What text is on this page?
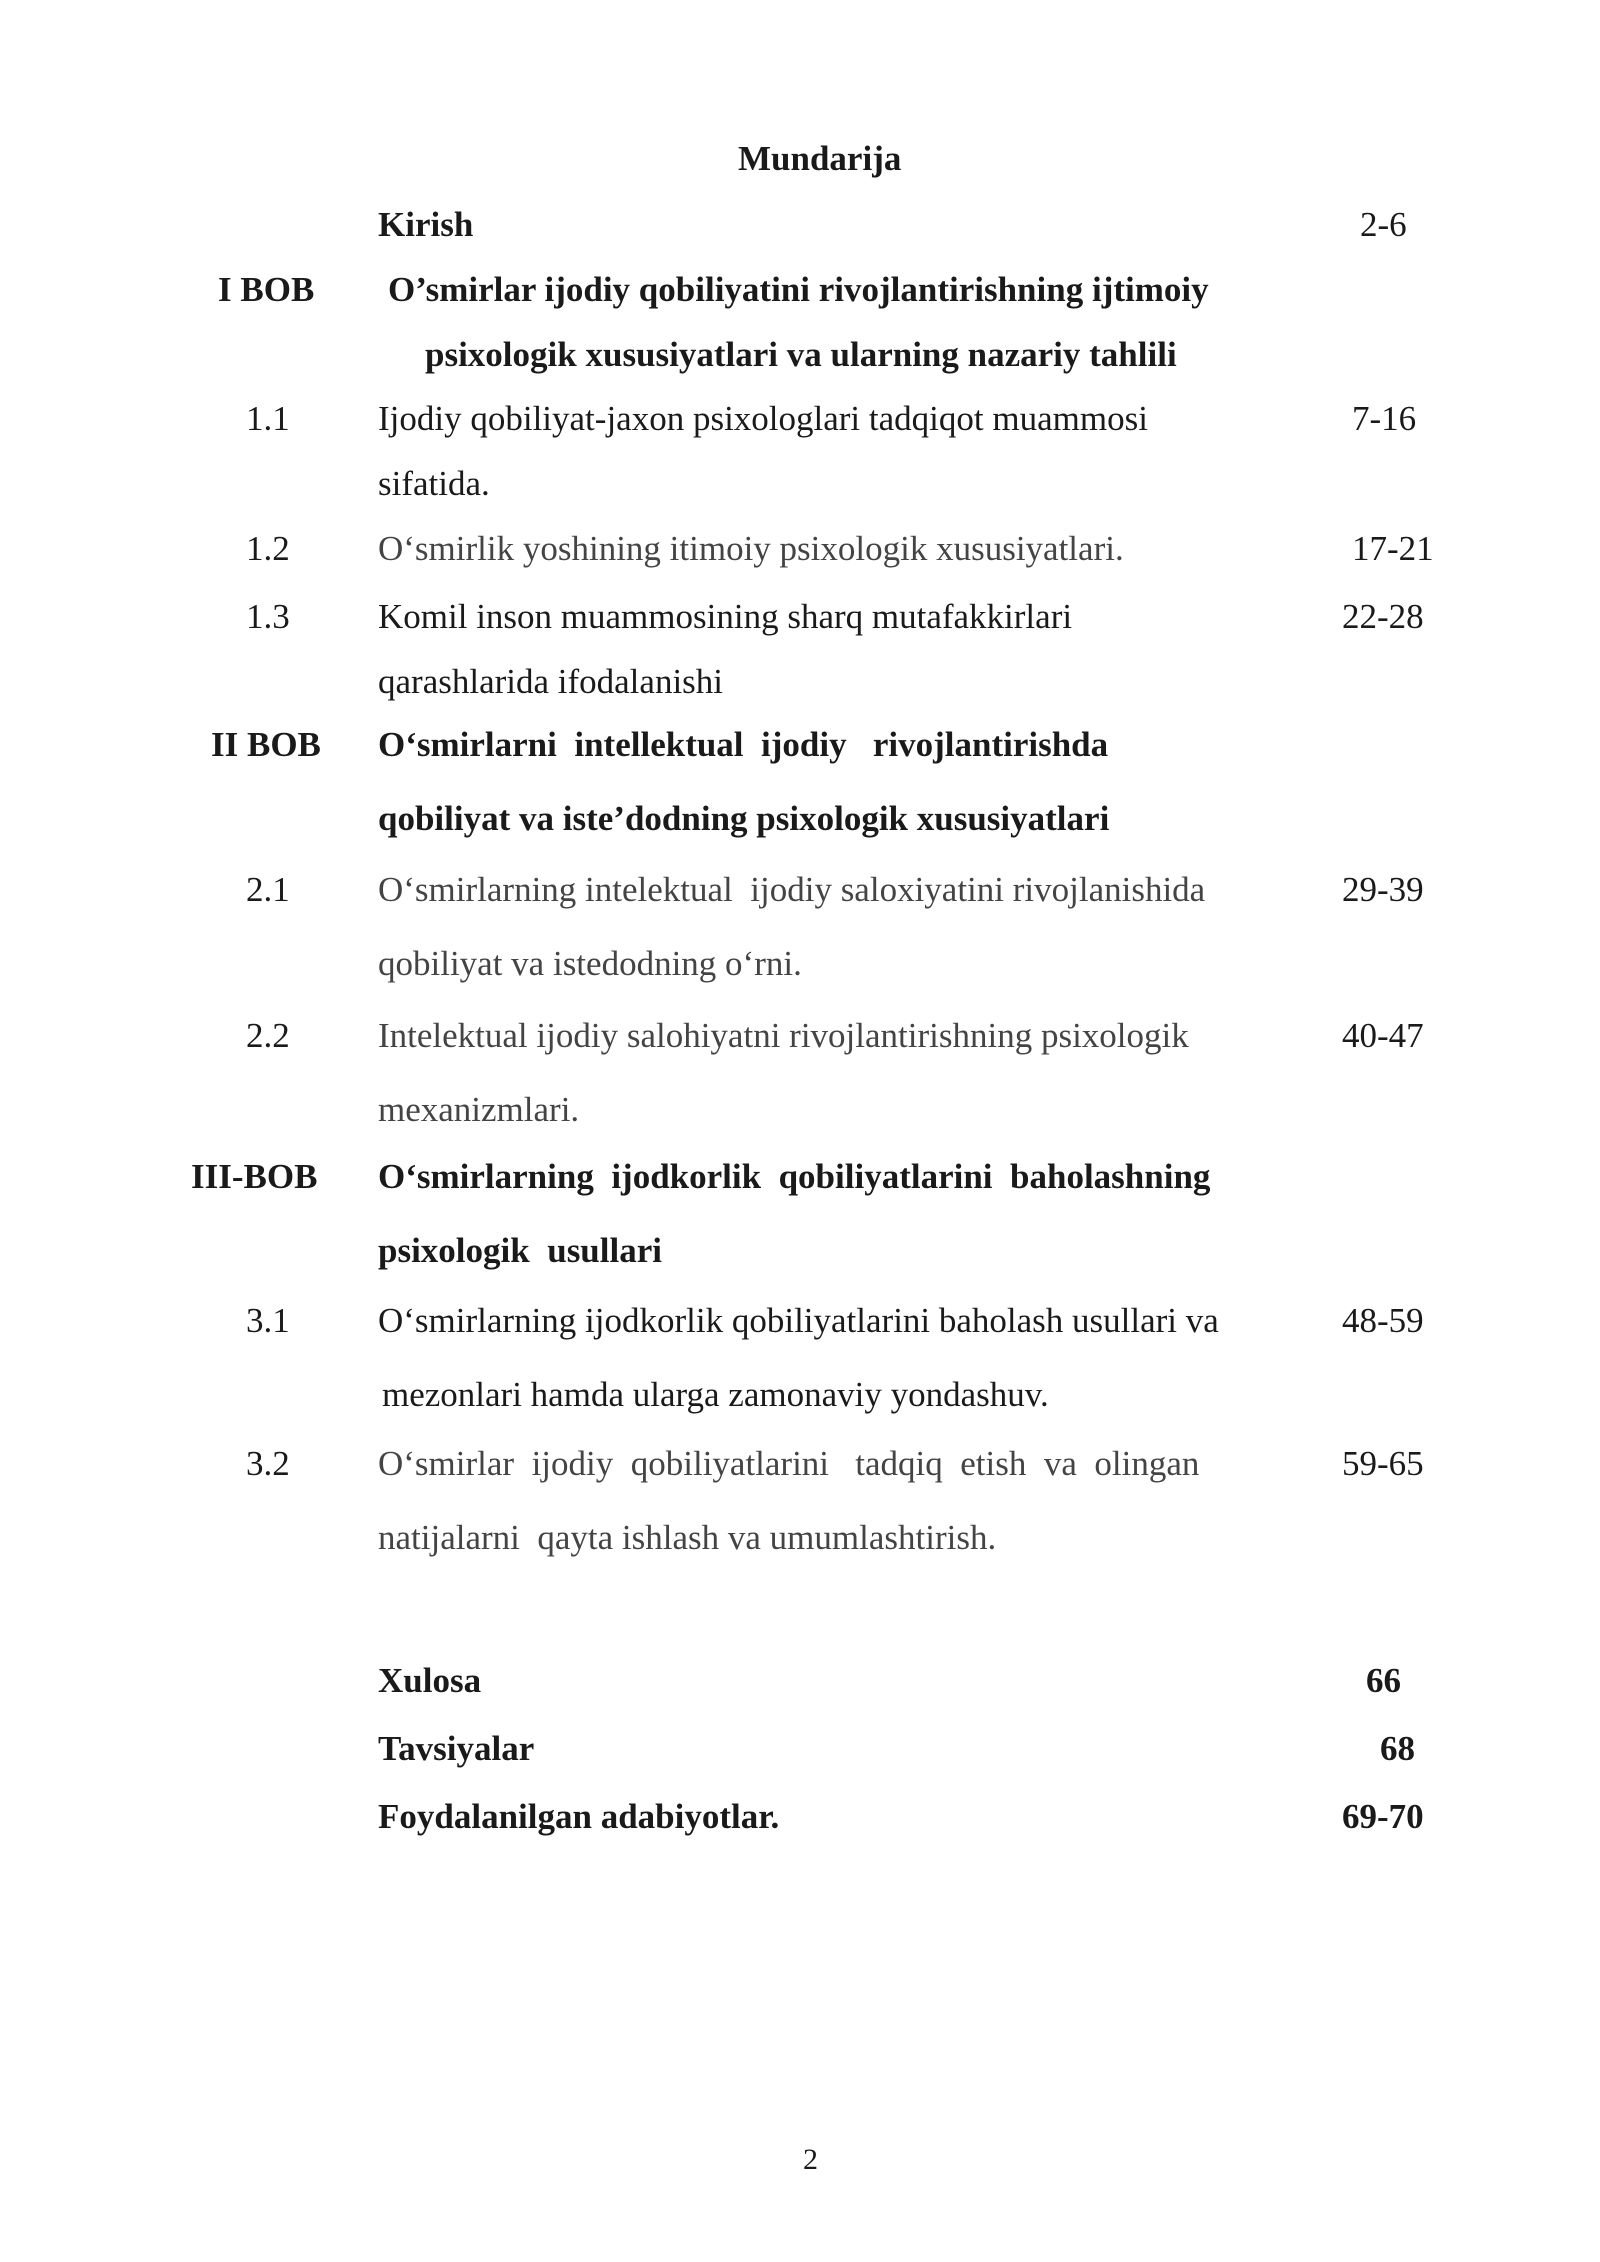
Mundarija
Kirish	2-6
I BOB O’smirlar ijodiy qobiliyatini rivojlantirishning ijtimoiy
psixologik xususiyatlari va ularning nazariy tahlili
1.1	Ijodiy qobiliyat-jaxon psixologlari tadqiqot muammosi	7-16
sifatida.
1.2	O‘smirlik yoshining itimoiy psixologik xususiyatlari.	17-21
1.3	Komil inson muammosining sharq mutafakkirlari	22-28
qarashlarida ifodalanishi
II BOB O‘smirlarni  intellektual  ijodiy   rivojlantirishda
qobiliyat va iste’dodning psixologik xususiyatlari
2.1	O‘smirlarning intelektual  ijodiy saloxiyatini rivojlanishida	29-39
qobiliyat va istedodning o‘rni.
2.2	Intelektual ijodiy salohiyatni rivojlantirishning psixologik	40-47
mexanizmlari.
III-BOB O‘smirlarning  ijodkorlik  qobiliyatlarini  baholashning
psixologik  usullari
3.1	O‘smirlarning ijodkorlik qobiliyatlarini baholash usullari va	48-59
mezonlari hamda ularga zamonaviy yondashuv.
3.2	O‘smirlar  ijodiy  qobiliyatlarini   tadqiq  etish  va  olingan	59-65
natijalarni  qayta ishlash va umumlashtirish.
Xulosa	66
Tavsiyalar	68
Foydalanilgan adabiyotlar.	69-70
2
